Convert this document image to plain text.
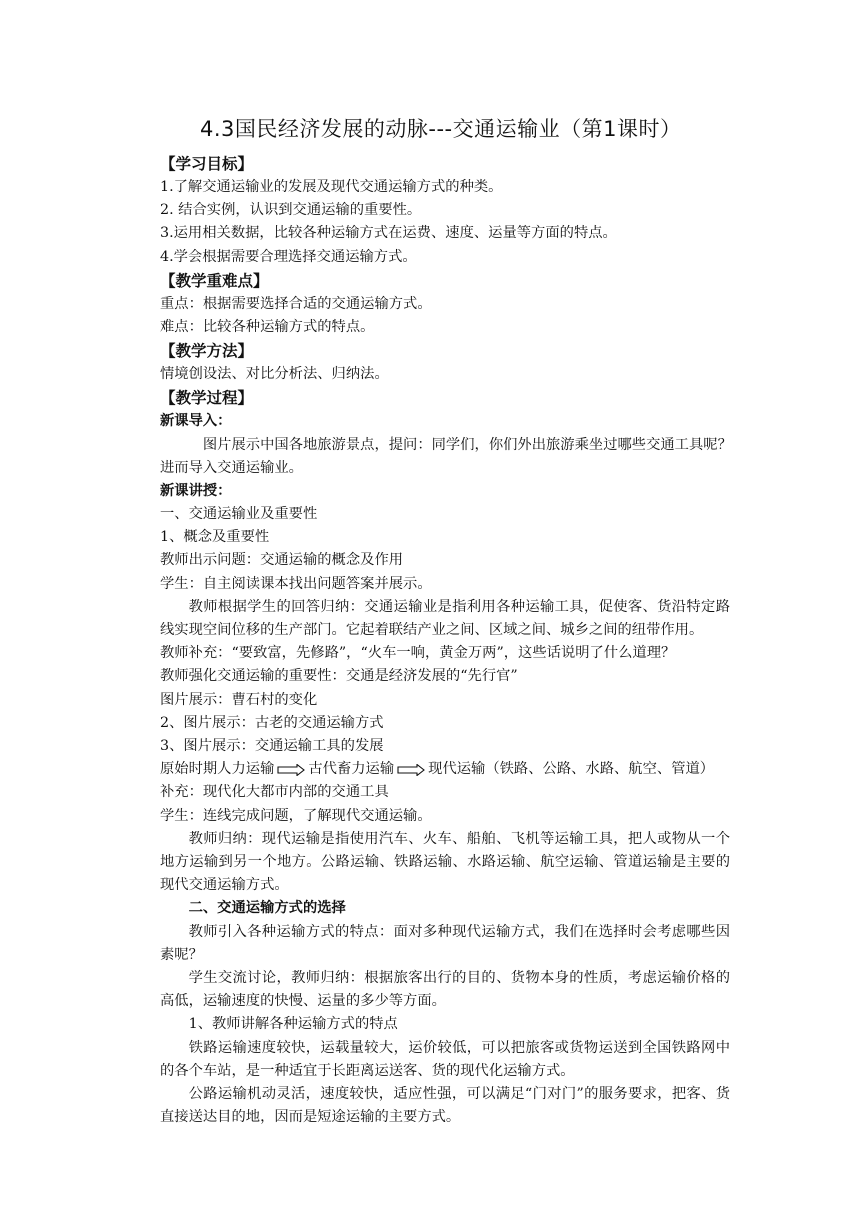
4.3国民经济发展的动脉---交通运输业（第1课时）
【学习目标】
1.了解交通运输业的发展及现代交通运输方式的种类。
2. 结合实例，认识到交通运输的重要性。
3.运用相关数据，比较各种运输方式在运费、速度、运量等方面的特点。
4.学会根据需要合理选择交通运输方式。
【教学重难点】
重点：根据需要选择合适的交通运输方式。
难点：比较各种运输方式的特点。
【教学方法】
情境创设法、对比分析法、归纳法。
【教学过程】
新课导入：
图片展示中国各地旅游景点，提问：同学们，你们外出旅游乘坐过哪些交通工具呢？
进而导入交通运输业。
新课讲授：
一、交通运输业及重要性
1、概念及重要性
教师出示问题：交通运输的概念及作用
学生：自主阅读课本找出问题答案并展示。
教师根据学生的回答归纳：交通运输业是指利用各种运输工具，促使客、货沿特定路线实现空间位移的生产部门。它起着联结产业之间、区域之间、城乡之间的纽带作用。
教师补充：“要致富，先修路”，“火车一响，黄金万两”，这些话说明了什么道理？
教师强化交通运输的重要性：交通是经济发展的“先行官”
图片展示：曹石村的变化
2、图片展示：古老的交通运输方式
3、图片展示：交通运输工具的发展
原始时期人力运输 古代畜力运输 现代运输（铁路、公路、水路、航空、管道）
补充：现代化大都市内部的交通工具
学生：连线完成问题，了解现代交通运输。
教师归纳：现代运输是指使用汽车、火车、船舶、飞机等运输工具，把人或物从一个地方运输到另一个地方。公路运输、铁路运输、水路运输、航空运输、管道运输是主要的现代交通运输方式。
二、交通运输方式的选择
教师引入各种运输方式的特点：面对多种现代运输方式，我们在选择时会考虑哪些因素呢？
学生交流讨论，教师归纳：根据旅客出行的目的、货物本身的性质，考虑运输价格的高低，运输速度的快慢、运量的多少等方面。
1、教师讲解各种运输方式的特点
铁路运输速度较快，运载量较大，运价较低，可以把旅客或货物运送到全国铁路网中的各个车站，是一种适宜于长距离运送客、货的现代化运输方式。
公路运输机动灵活，速度较快，适应性强，可以满足“门对门”的服务要求，把客、货直接送达目的地，因而是短途运输的主要方式。
